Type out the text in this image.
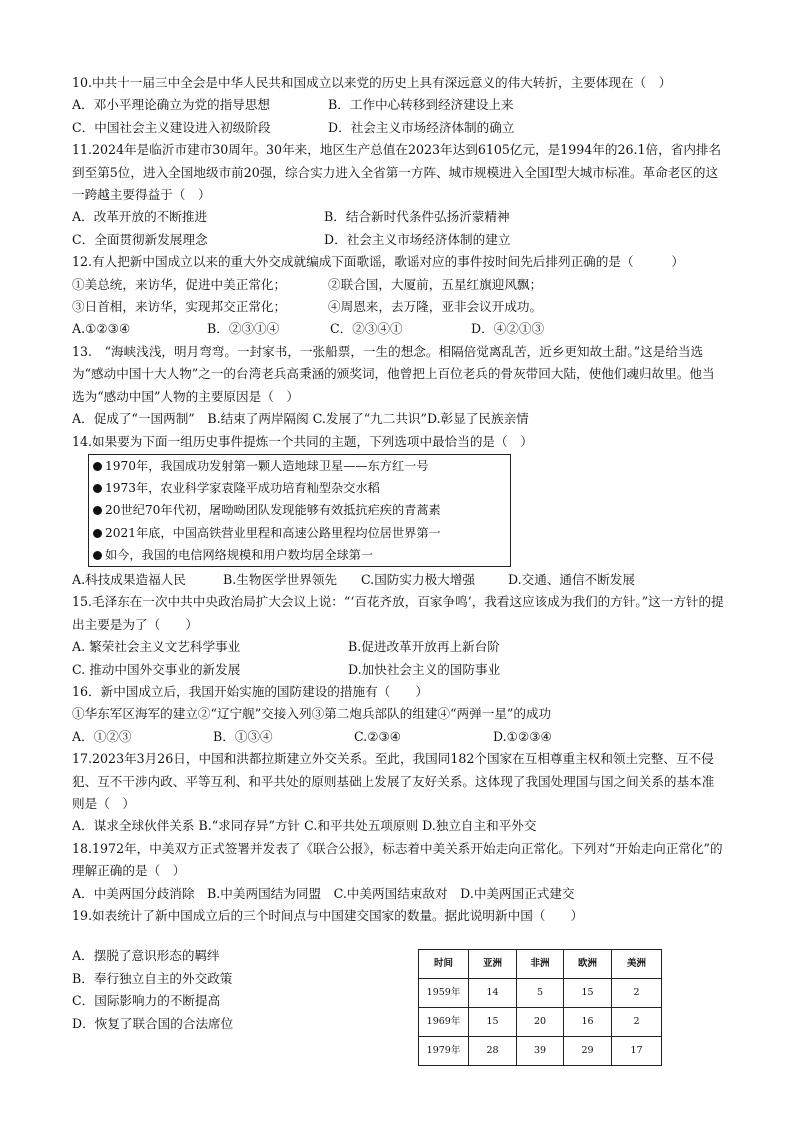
10.中共十一届三中全会是中华人民共和国成立以来党的历史上具有深远意义的伟大转折，主要体现在（　）
A．邓小平理论确立为党的指导思想	B．工作中心转移到经济建设上来
C．中国社会主义建设进入初级阶段	D．社会主义市场经济体制的确立
11.2024年是临沂市建市30周年。30年来，地区生产总值在2023年达到6105亿元，是1994年的26.1倍，省内排名到至第5位，进入全国地级市前20强，综合实力进入全省第一方阵、城市规模进入全国Ⅰ型大城市标准。革命老区的这一跨越主要得益于（　）
A．改革开放的不断推进	B．结合新时代条件弘扬沂蒙精神
C．全面贯彻新发展理念	D．社会主义市场经济体制的建立
12.有人把新中国成立以来的重大外交成就编成下面歌谣，歌谣对应的事件按时间先后排列正确的是（　　　）
①美总统，来访华，促进中美正常化；	②联合国，大厦前，五星红旗迎风飘；
③日首相，来访华，实现邦交正常化；	④周恩来，去万隆，亚非会议开成功。
A.①②③④	B．②③①④	C．②③④①	D．④②①③
13.　“海峡浅浅，明月弯弯。一封家书，一张船票，一生的想念。相隔倍觉离乱苦，近乡更知故土甜。”这是给当选为“感动中国十大人物”之一的台湾老兵高秉涵的颁奖词，他曾把上百位老兵的骨灰带回大陆，使他们魂归故里。他当选为“感动中国”人物的主要原因是（　）
A．促成了“一国两制”　B.结束了两岸隔阂 C.发展了“九二共识”D.彰显了民族亲情
14.如果要为下面一组历史事件提炼一个共同的主题，下列选项中最恰当的是（　）
1970年，我国成功发射第一颗人造地球卫星——东方红一号
1973年，农业科学家袁隆平成功培育籼型杂交水稻
20世纪70年代初，屠呦呦团队发现能够有效抵抗疟疾的青蒿素
2021年底，中国高铁营业里程和高速公路里程均位居世界第一
如今，我国的电信网络规模和用户数均居全球第一
A.科技成果造福人民	B.生物医学世界领先	C.国防实力极大增强	D.交通、通信不断发展
15.毛泽东在一次中共中央政治局扩大会议上说：“‘百花齐放，百家争鸣’，我看这应该成为我们的方针。”这一方针的提出主要是为了（　　）
A. 繁荣社会主义文艺科学事业	B.促进改革开放再上新台阶
C. 推动中国外交事业的新发展	D.加快社会主义的国防事业
16．新中国成立后，我国开始实施的国防建设的措施有（　　）
①华东军区海军的建立②“辽宁舰”交接入列③第二炮兵部队的组建④“两弹一星”的成功
A．①②③	B．①③④	C.②③④	D.①②③④
17.2023年3月26日，中国和洪都拉斯建立外交关系。至此，我国同182个国家在互相尊重主权和领土完整、互不侵犯、互不干涉内政、平等互利、和平共处的原则基础上发展了友好关系。这体现了我国处理国与国之间关系的基本准则是（　）
A．谋求全球伙伴关系 B.“求同存异”方针 C.和平共处五项原则 D.独立自主和平外交
18.1972年，中美双方正式签署并发表了《联合公报》，标志着中美关系开始走向正常化。下列对“开始走向正常化”的理解正确的是（　）
A．中美两国分歧消除　B.中美两国结为同盟　C.中美两国结束敌对　D.中美两国正式建交
19.如表统计了新中国成立后的三个时间点与中国建交国家的数量。据此说明新中国（　　）
A．摆脱了意识形态的羁绊
B．奉行独立自主的外交政策
C．国际影响力的不断提高
D．恢复了联合国的合法席位
时间	亚洲	非洲	欧洲	美洲
1959年	14	5	15	2
1969年	15	20	16	2
1979年	28	39	29	17
